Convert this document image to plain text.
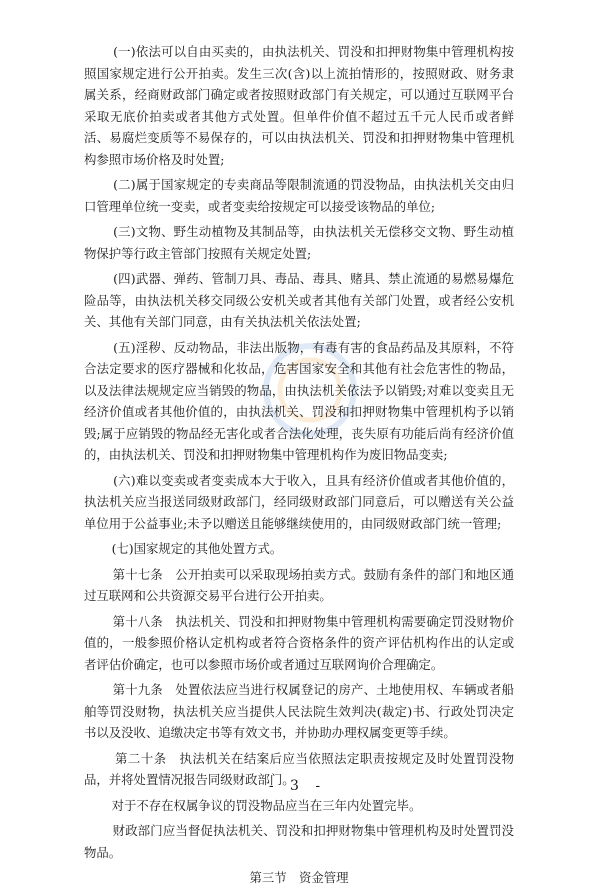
(一)依法可以自由买卖的，由执法机关、罚没和扣押财物集中管理机构按照国家规定进行公开拍卖。发生三次(含)以上流拍情形的，按照财政、财务隶属关系，经商财政部门确定或者按照财政部门有关规定，可以通过互联网平台采取无底价拍卖或者其他方式处置。但单件价值不超过五千元人民币或者鲜活、易腐烂变质等不易保存的，可以由执法机关、罚没和扣押财物集中管理机构参照市场价格及时处置;

(二)属于国家规定的专卖商品等限制流通的罚没物品，由执法机关交由归口管理单位统一变卖，或者变卖给按规定可以接受该物品的单位;

(三)文物、野生动植物及其制品等，由执法机关无偿移交文物、野生动植物保护等行政主管部门按照有关规定处置;

(四)武器、弹药、管制刀具、毒品、毒具、赌具、禁止流通的易燃易爆危险品等，由执法机关移交同级公安机关或者其他有关部门处置，或者经公安机关、其他有关部门同意，由有关执法机关依法处置;

(五)淫秽、反动物品，非法出版物，有毒有害的食品药品及其原料，不符合法定要求的医疗器械和化妆品，危害国家安全和其他有社会危害性的物品，以及法律法规规定应当销毁的物品，由执法机关依法予以销毁;对难以变卖且无经济价值或者其他价值的，由执法机关、罚没和扣押财物集中管理机构予以销毁;属于应销毁的物品经无害化或者合法化处理，丧失原有功能后尚有经济价值的，由执法机关、罚没和扣押财物集中管理机构作为废旧物品变卖;

(六)难以变卖或者变卖成本大于收入，且具有经济价值或者其他价值的，执法机关应当报送同级财政部门，经同级财政部门同意后，可以赠送有关公益单位用于公益事业;未予以赠送且能够继续使用的，由同级财政部门统一管理;

(七)国家规定的其他处置方式。

第十七条　公开拍卖可以采取现场拍卖方式。鼓励有条件的部门和地区通过互联网和公共资源交易平台进行公开拍卖。

第十八条　执法机关、罚没和扣押财物集中管理机构需要确定罚没财物价值的，一般参照价格认定机构或者符合资格条件的资产评估机构作出的认定或者评估价确定，也可以参照市场价或者通过互联网询价合理确定。

第十九条　处置依法应当进行权属登记的房产、土地使用权、车辆或者船舶等罚没财物，执法机关应当提供人民法院生效判决(裁定)书、行政处罚决定书以及没收、追缴决定书等有效文书，并协助办理权属变更等手续。

第二十条　执法机关在结案后应当依照法定职责按规定及时处置罚没物品，并将处置情况报告同级财政部门。

对于不存在权属争议的罚没物品应当在三年内处置完毕。

财政部门应当督促执法机关、罚没和扣押财物集中管理机构及时处置罚没物品。

第三节　资金管理

- 3 -
